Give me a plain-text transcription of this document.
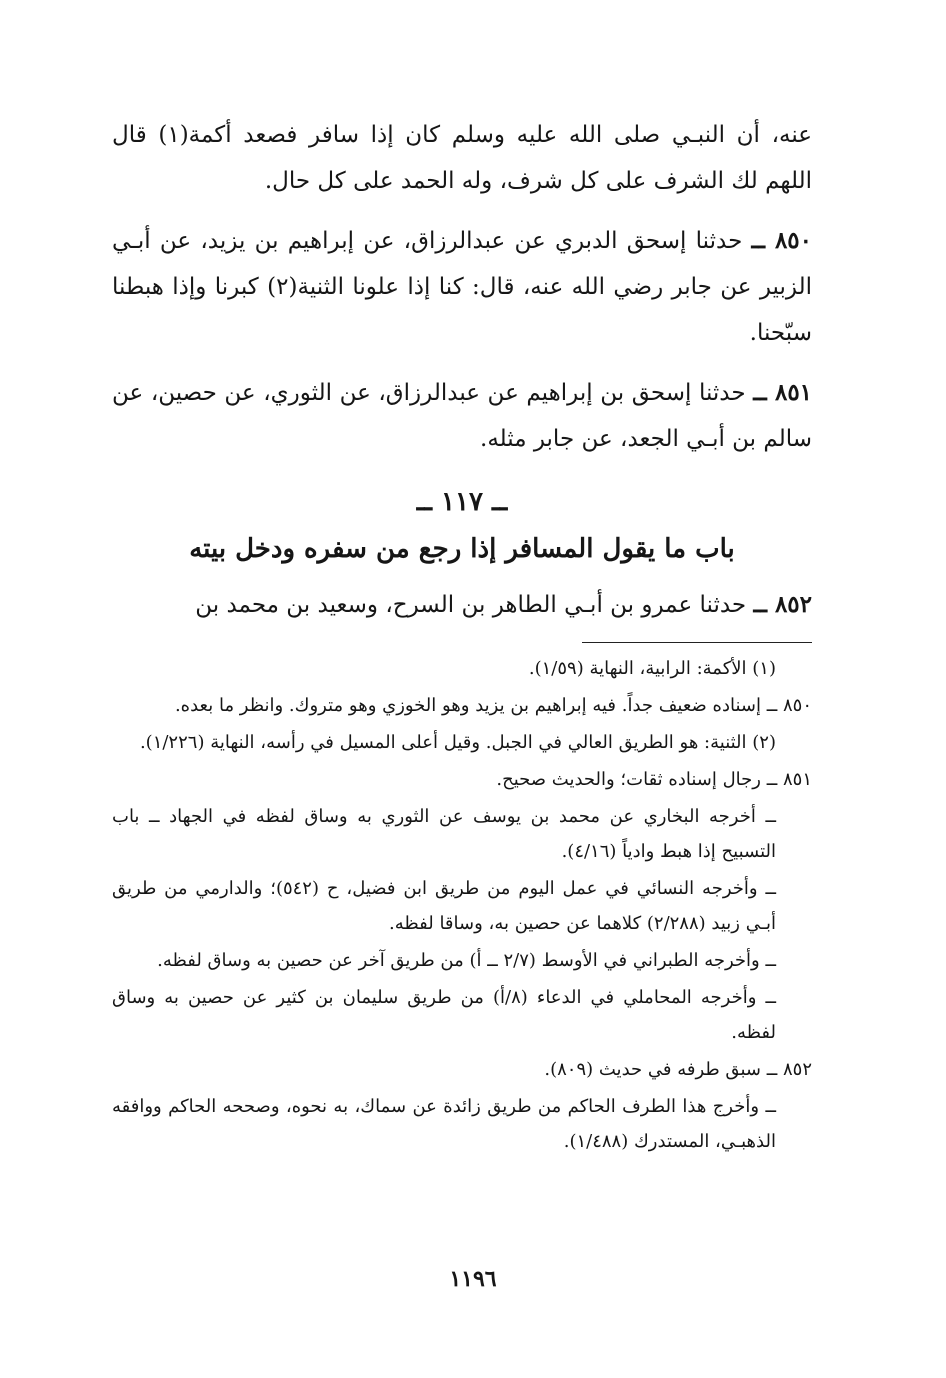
عنه، أن النبـي صلى الله عليه وسلم كان إذا سافر فصعد أكمة(١) قال اللهم لك الشرف على كل شرف، وله الحمد على كل حال.

٨٥٠ ــ حدثنا إسحق الدبري عن عبدالرزاق، عن إبراهيم بن يزيد، عن أبـي الزبير عن جابر رضي الله عنه، قال: كنا إذا علونا الثنية(٢) كبرنا وإذا هبطنا سبّحنا.

٨٥١ ــ حدثنا إسحق بن إبراهيم عن عبدالرزاق، عن الثوري، عن حصين، عن سالم بن أبـي الجعد، عن جابر مثله.

ــ ١١٧ ــ
باب ما يقول المسافر إذا رجع من سفره ودخل بيته

٨٥٢ ــ حدثنا عمرو بن أبـي الطاهر بن السرح، وسعيد بن محمد بن

(١) الأكمة: الرابية، النهاية (١/٥٩).
٨٥٠ ــ إسناده ضعيف جداً. فيه إبراهيم بن يزيد وهو الخوزي وهو متروك. وانظر ما بعده.
(٢) الثنية: هو الطريق العالي في الجبل. وقيل أعلى المسيل في رأسه، النهاية (١/٢٢٦).
٨٥١ ــ رجال إسناده ثقات؛ والحديث صحيح.
ــ أخرجه البخاري عن محمد بن يوسف عن الثوري به وساق لفظه في الجهاد ــ باب التسبيح إذا هبط وادياً (٤/١٦).
ــ وأخرجه النسائي في عمل اليوم من طريق ابن فضيل، ح (٥٤٢)؛ والدارمي من طريق أبـي زبيد (٢/٢٨٨) كلاهما عن حصين به، وساقا لفظه.
ــ وأخرجه الطبراني في الأوسط (٢/٧ ــ أ) من طريق آخر عن حصين به وساق لفظه.
ــ وأخرجه المحاملي في الدعاء (٨/أ) من طريق سليمان بن كثير عن حصين به وساق لفظه.
٨٥٢ ــ سبق طرفه في حديث (٨٠٩).
ــ وأخرج هذا الطرف الحاكم من طريق زائدة عن سماك، به نحوه، وصححه الحاكم ووافقه الذهبـي، المستدرك (١/٤٨٨).
١١٩٦
